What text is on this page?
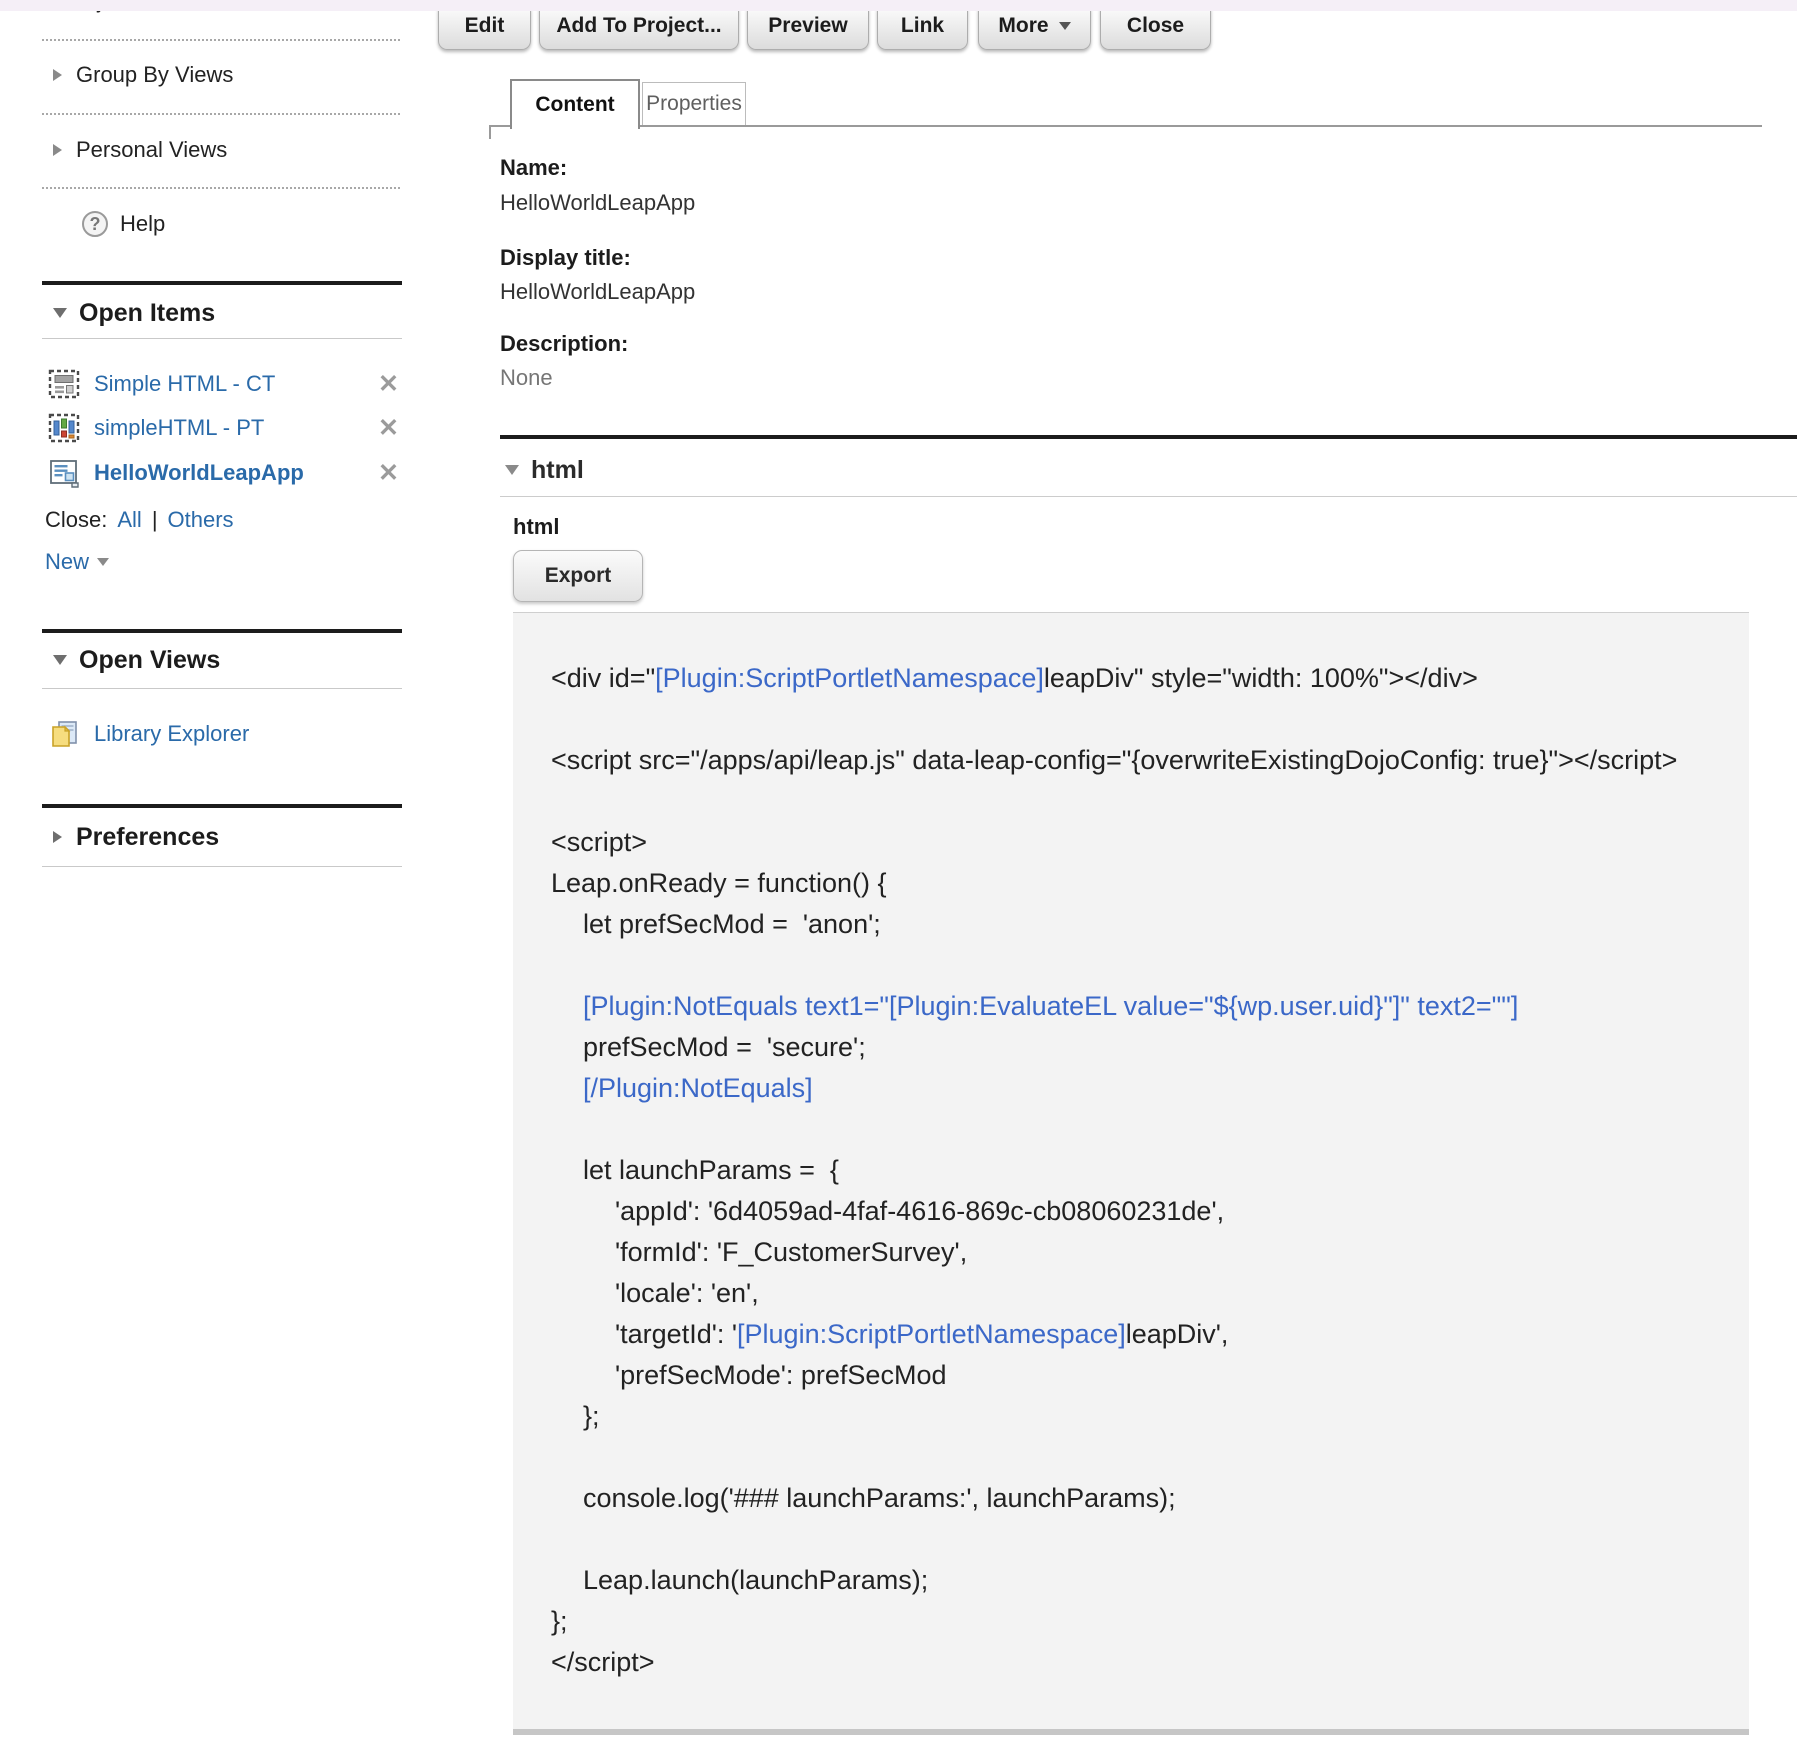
Group By Views
Personal Views
? Help
Open Items
Simple HTML - CT	✕
simpleHTML - PT	✕
HelloWorldLeapApp	✕
Close: All | Others
New
Open Views
Library Explorer
Preferences
Edit Add To Project... Preview	Link	More	Close
Content Properties
Name:
HelloWorldLeapApp
Display title:
HelloWorldLeapApp
Description:
None
html
html
Export
<div id="[Plugin:ScriptPortletNamespace]leapDiv" style="width: 100%"></div>

<script src="/apps/api/leap.js" data-leap-config="{overwriteExistingDojoConfig: true}"></script>

<script>
Leap.onReady = function() {
let prefSecMod =  'anon';

[Plugin:NotEquals text1="[Plugin:EvaluateEL value="${wp.user.uid}"]" text2=""]
prefSecMod =  'secure';
[/Plugin:NotEquals]

let launchParams =  {
'appId': '6d4059ad-4faf-4616-869c-cb08060231de',
'formId': 'F_CustomerSurvey',
'locale': 'en',
'targetId': '[Plugin:ScriptPortletNamespace]leapDiv',
'prefSecMode': prefSecMod
};

console.log('### launchParams:', launchParams);

Leap.launch(launchParams);
};
</script>
